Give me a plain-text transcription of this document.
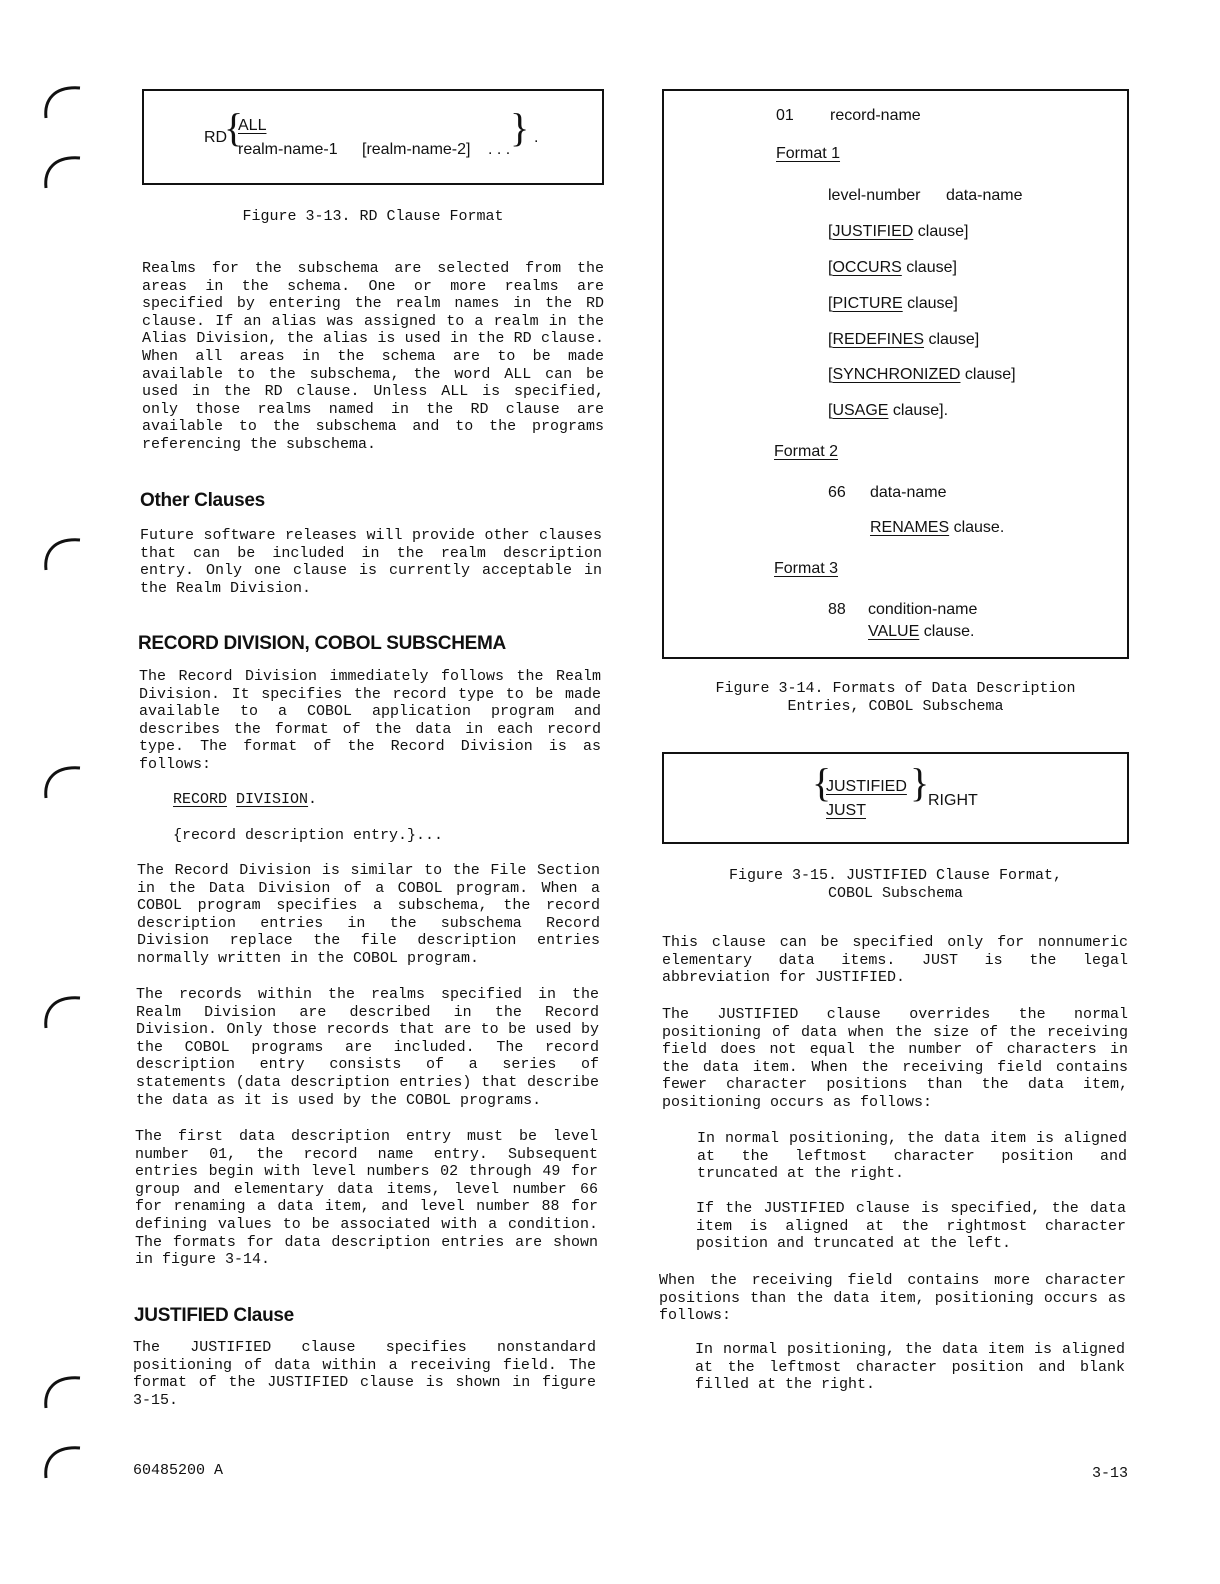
RD
{
ALL
realm-name-1 [realm-name-2] . . . } .
Figure 3-13. RD Clause Format
Realms for the subschema are selected from the areas in the schema. One or more realms are specified by entering the realm names in the RD clause. If an alias was assigned to a realm in the Alias Division, the alias is used in the RD clause. When all areas in the schema are to be made available to the subschema, the word ALL can be used in the RD clause. Unless ALL is specified, only those realms named in the RD clause are available to the subschema and to the programs referencing the subschema.
Other Clauses
Future software releases will provide other clauses that can be included in the realm description entry. Only one clause is currently acceptable in the Realm Division.
RECORD DIVISION, COBOL SUBSCHEMA
The Record Division immediately follows the Realm Division. It specifies the record type to be made available to a COBOL application program and describes the format of the data in each record type. The format of the Record Division is as follows:
RECORD DIVISION.
{record description entry.}...
The Record Division is similar to the File Section in the Data Division of a COBOL program. When a COBOL program specifies a subschema, the record description entries in the subschema Record Division replace the file description entries normally written in the COBOL program.
The records within the realms specified in the Realm Division are described in the Record Division. Only those records that are to be used by the COBOL programs are included. The record description entry consists of a series of statements (data description entries) that describe the data as it is used by the COBOL programs.
The first data description entry must be level number 01, the record name entry. Subsequent entries begin with level numbers 02 through 49 for group and elementary data items, level number 66 for renaming a data item, and level number 88 for defining values to be associated with a condition. The formats for data description entries are shown in figure 3-14.
JUSTIFIED Clause
The JUSTIFIED clause specifies nonstandard positioning of data within a receiving field. The format of the JUSTIFIED clause is shown in figure 3-15.
01 record-name
Format 1
level-number data-name
[JUSTIFIED clause]
[OCCURS clause]
[PICTURE clause]
[REDEFINES clause]
[SYNCHRONIZED clause]
[USAGE clause].
Format 2
66 data-name
RENAMES clause.
Format 3
88 condition-name
VALUE clause.
Figure 3-14. Formats of Data Description
Entries, COBOL Subschema
{
JUSTIFIED
JUST
}
RIGHT
Figure 3-15. JUSTIFIED Clause Format,
COBOL Subschema
This clause can be specified only for nonnumeric elementary data items. JUST is the legal abbreviation for JUSTIFIED.
The JUSTIFIED clause overrides the normal positioning of data when the size of the receiving field does not equal the number of characters in the data item. When the receiving field contains fewer character positions than the data item, positioning occurs as follows:
In normal positioning, the data item is aligned at the leftmost character position and truncated at the right.
If the JUSTIFIED clause is specified, the data item is aligned at the rightmost character position and truncated at the left.
When the receiving field contains more character positions than the data item, positioning occurs as follows:
In normal positioning, the data item is aligned at the leftmost character position and blank filled at the right.
60485200 A	3-13
